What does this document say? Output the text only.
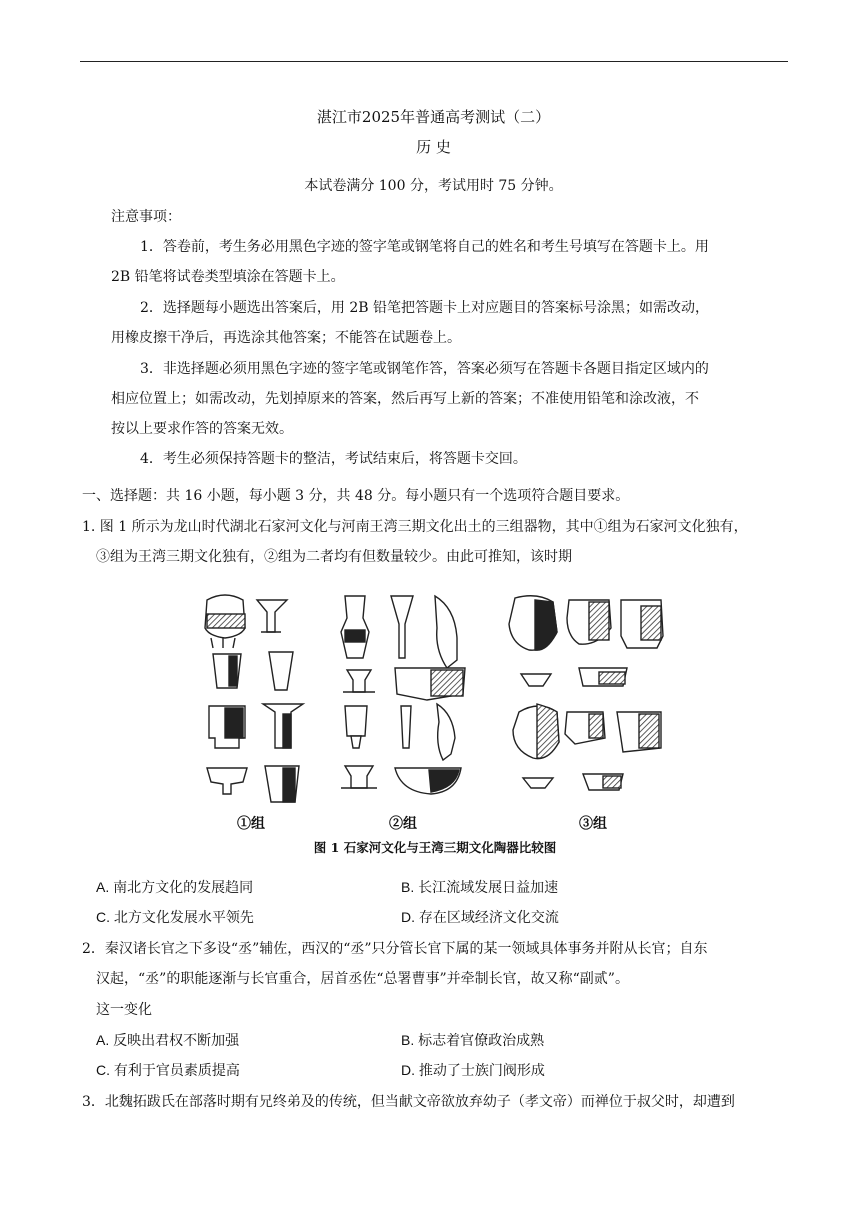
湛江市2025年普通高考测试（二）
历 史
本试卷满分 100 分，考试用时 75 分钟。
注意事项：
1．答卷前，考生务必用黑色字迹的签字笔或钢笔将自己的姓名和考生号填写在答题卡上。用
2B 铅笔将试卷类型填涂在答题卡上。
2．选择题每小题选出答案后，用 2B 铅笔把答题卡上对应题目的答案标号涂黑；如需改动，
用橡皮擦干净后，再选涂其他答案；不能答在试题卷上。
3．非选择题必须用黑色字迹的签字笔或钢笔作答，答案必须写在答题卡各题目指定区域内的
相应位置上；如需改动，先划掉原来的答案，然后再写上新的答案；不准使用铅笔和涂改液，不
按以上要求作答的答案无效。
4．考生必须保持答题卡的整洁，考试结束后，将答题卡交回。
一、选择题：共 16 小题，每小题 3 分，共 48 分。每小题只有一个选项符合题目要求。
1. 图 1 所示为龙山时代湖北石家河文化与河南王湾三期文化出土的三组器物，其中①组为石家河文化独有，
③组为王湾三期文化独有，②组为二者均有但数量较少。由此可推知，该时期
①组	②组	③组
图 1 石家河文化与王湾三期文化陶器比较图
A. 南北方文化的发展趋同	B. 长江流域发展日益加速
C. 北方文化发展水平领先	D. 存在区域经济文化交流
2．秦汉诸长官之下多设“丞”辅佐，西汉的“丞”只分管长官下属的某一领域具体事务并附从长官；自东
汉起，“丞”的职能逐渐与长官重合，居首丞佐“总署曹事”并牵制长官，故又称“副贰”。
这一变化
A. 反映出君权不断加强	B. 标志着官僚政治成熟
C. 有利于官员素质提高	D. 推动了士族门阀形成
3．北魏拓跋氏在部落时期有兄终弟及的传统，但当献文帝欲放弃幼子（孝文帝）而禅位于叔父时，却遭到
